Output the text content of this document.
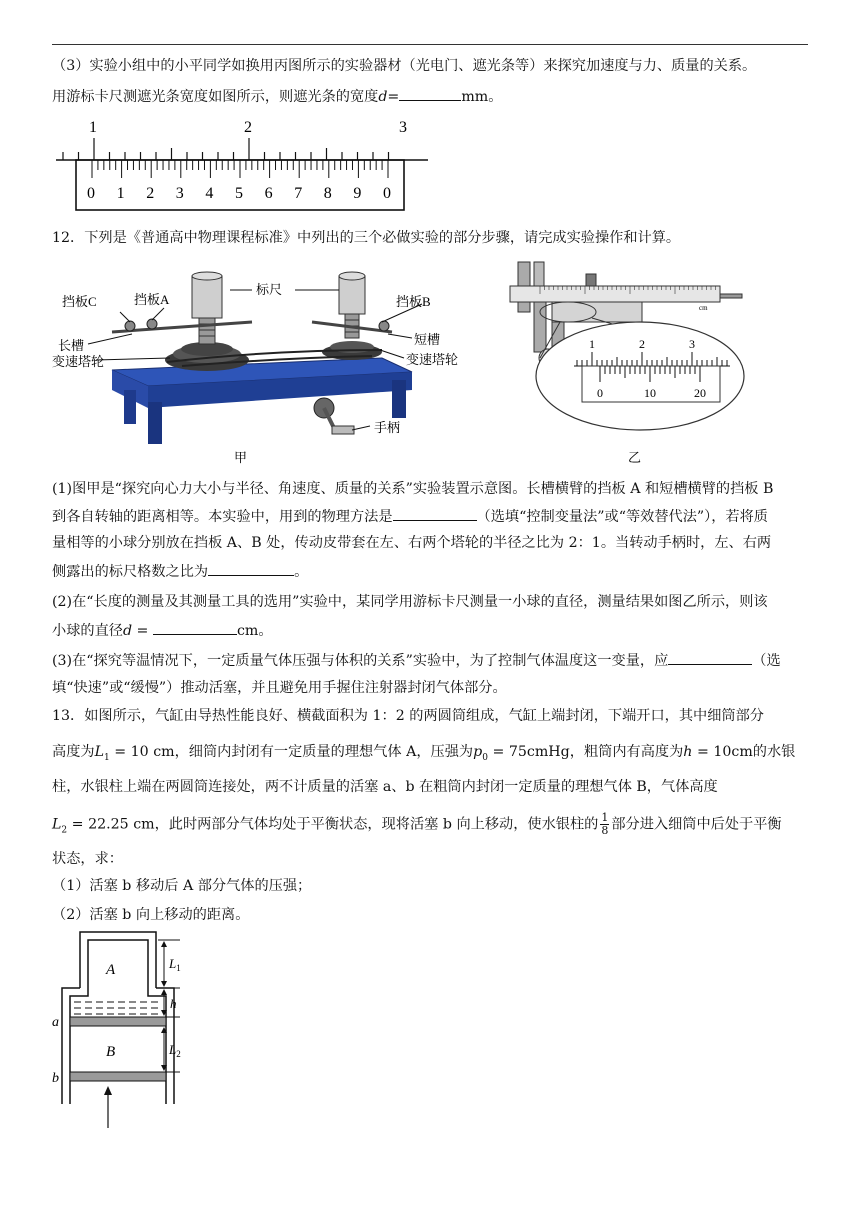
（3）实验小组中的小平同学如换用丙图所示的实验器材（光电门、遮光条等）来探究加速度与力、质量的关系。
用游标卡尺测遮光条宽度如图所示，则遮光条的宽度d=	mm。
1	2	3
0 1 2 3 4 5 6 7 8 9 0
12．下列是《普通高中物理课程标准》中列出的三个必做实验的部分步骤，请完成实验操作和计算。
挡板C	挡板A
标尺
挡板B
长槽	短槽
变速塔轮	变速塔轮
手柄
甲
1	2	3
0	10	20
cm
乙
(1)图甲是“探究向心力大小与半径、角速度、质量的关系”实验装置示意图。长槽横臂的挡板 A 和短槽横臂的挡板 B
到各自转轴的距离相等。本实验中，用到的物理方法是	（选填“控制变量法”或“等效替代法”），若将质
量相等的小球分别放在挡板 A、B 处，传动皮带套在左、右两个塔轮的半径之比为 2：1。当转动手柄时，左、右两
侧露出的标尺格数之比为	。
(2)在“长度的测量及其测量工具的选用”实验中，某同学用游标卡尺测量一小球的直径，测量结果如图乙所示，则该
小球的直径d =	cm。
(3)在“探究等温情况下，一定质量气体压强与体积的关系”实验中，为了控制气体温度这一变量，应	（选
填“快速”或“缓慢”）推动活塞，并且避免用手握住注射器封闭气体部分。
13．如图所示，气缸由导热性能良好、横截面积为 1：2 的两圆筒组成，气缸上端封闭，下端开口，其中细筒部分
高度为$L_1 = 10$ cm，细筒内封闭有一定质量的理想气体 A，压强为$p_0$ = 75cmHg，粗筒内有高度为h = 10cm的水银
柱，水银柱上端在两圆筒连接处，两不计质量的活塞 a、b 在粗筒内封闭一定质量的理想气体 B，气体高度
$L_2 = 22.25$ cm，此时两部分气体均处于平衡状态，现将活塞 b 向上移动，使水银柱的 $\frac{1}{8}$ 部分进入细筒中后处于平衡
状态，求：
（1）活塞 b 移动后 A 部分气体的压强；
（2）活塞 b 向上移动的距离。
A
B
a
b
$L_1$
h
$L_2$
